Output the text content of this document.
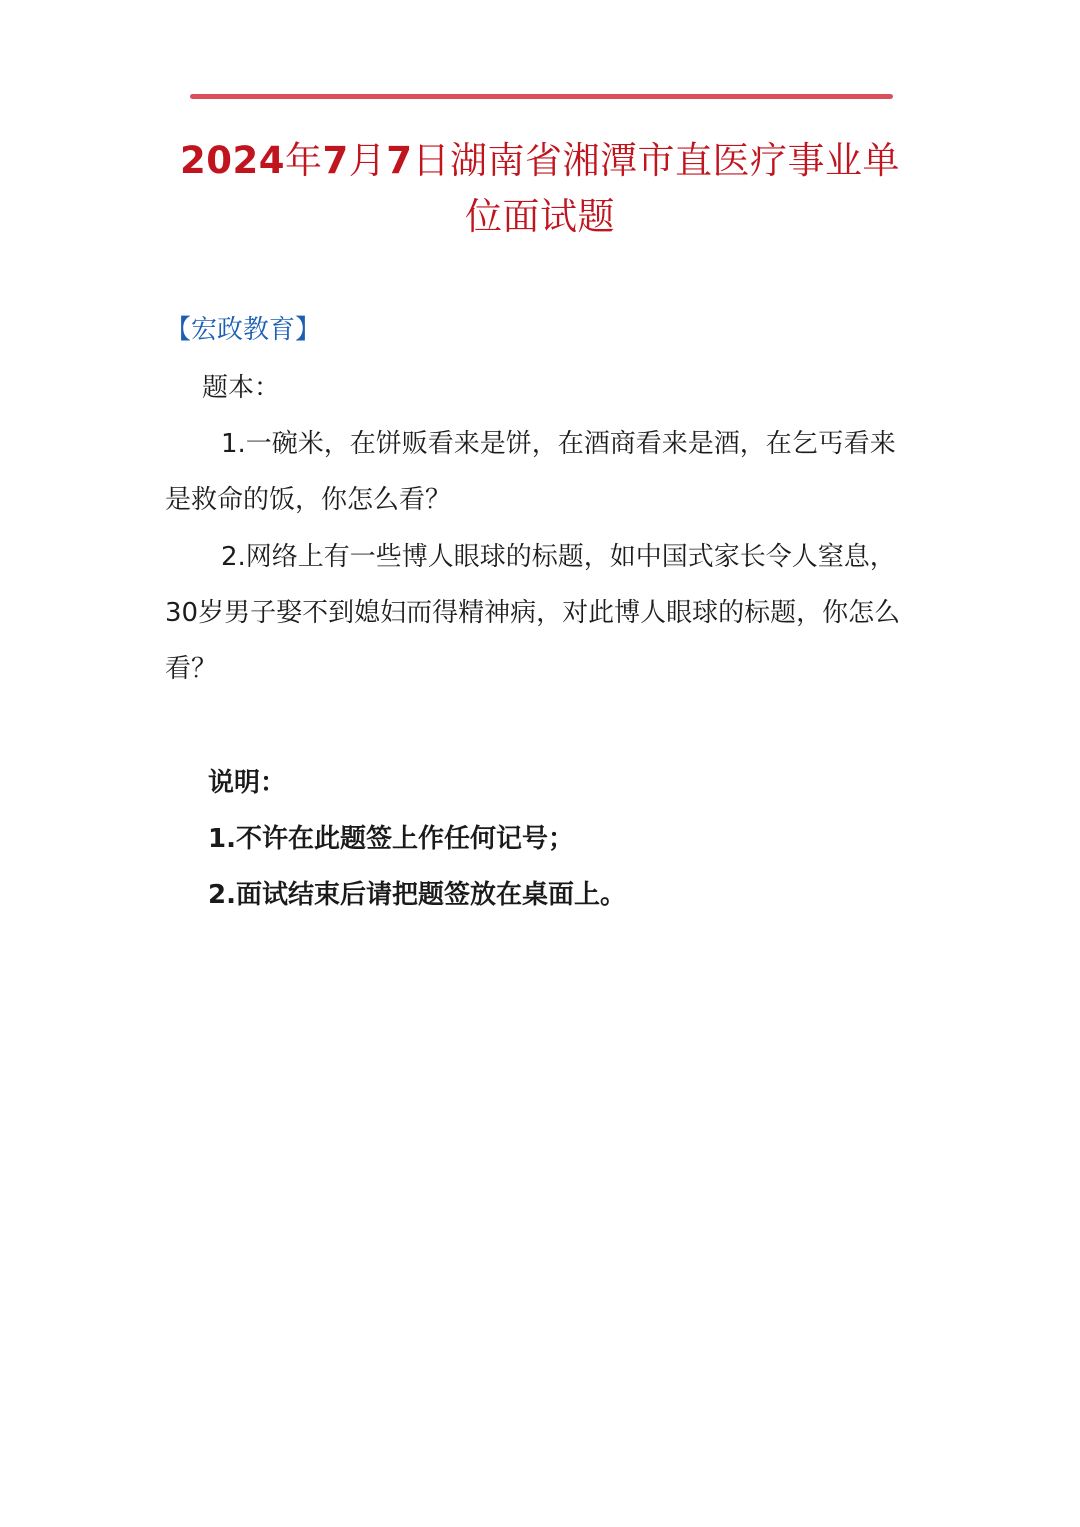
2024年7月7日湖南省湘潭市直医疗事业单
位面试题
【宏政教育】
题本：
1.一碗米，在饼贩看来是饼，在酒商看来是酒，在乞丐看来是救命的饭，你怎么看？
2.网络上有一些博人眼球的标题，如中国式家长令人窒息，30岁男子娶不到媳妇而得精神病，对此博人眼球的标题，你怎么看？
说明：
1.不许在此题签上作任何记号；
2.面试结束后请把题签放在桌面上。
